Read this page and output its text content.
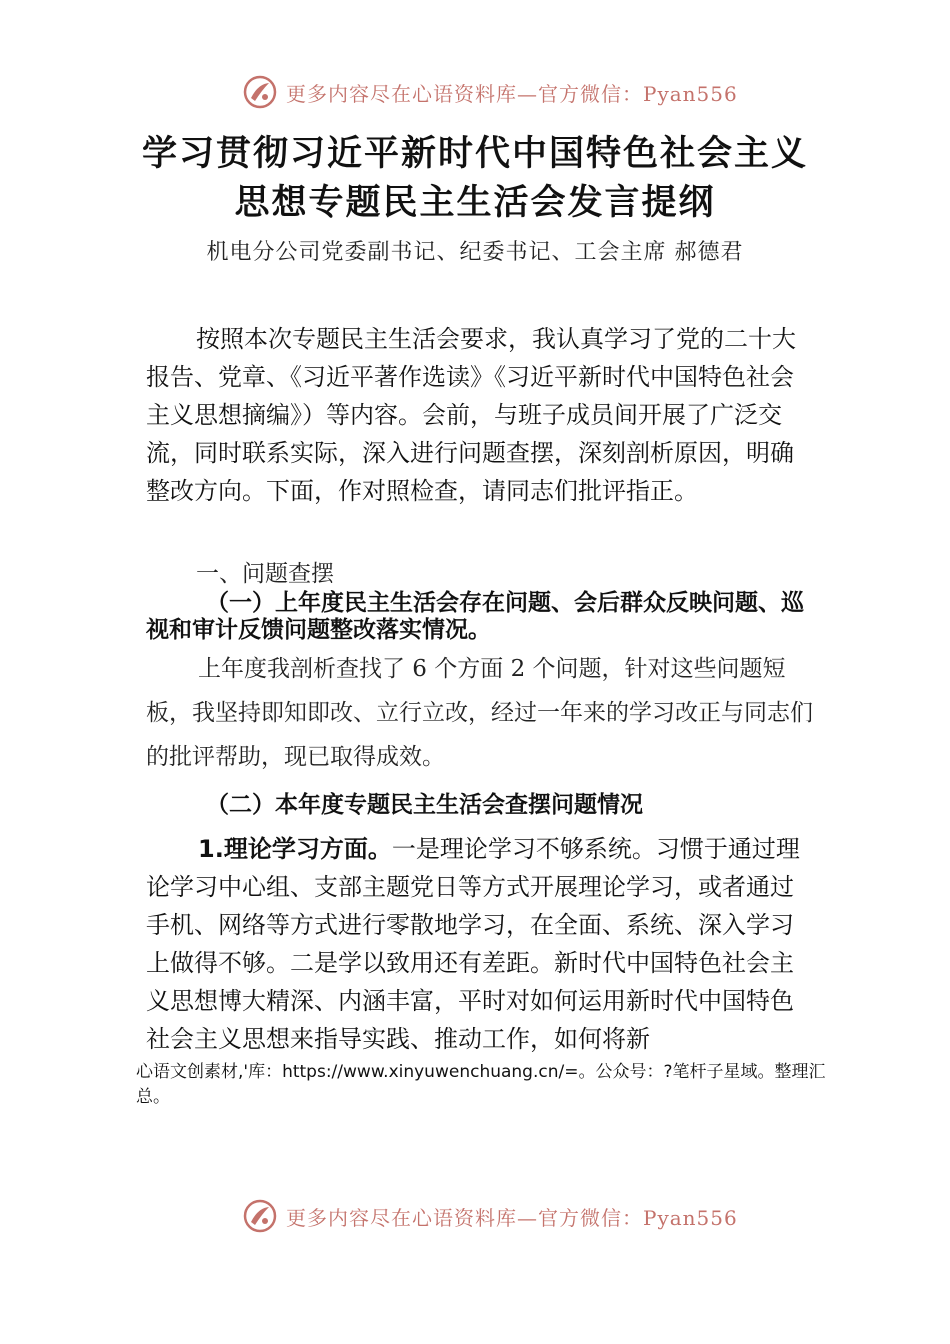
更多内容尽在心语资料库—官方微信：Pyan556
学习贯彻习近平新时代中国特色社会主义
思想专题民主生活会发言提纲
机电分公司党委副书记、纪委书记、工会主席 郝德君

按照本次专题民主生活会要求，我认真学习了党的二十大报告、党章、《习近平著作选读》《习近平新时代中国特色社会主义思想摘编》）等内容。会前，与班子成员间开展了广泛交流，同时联系实际，深入进行问题查摆，深刻剖析原因，明确整改方向。下面，作对照检查，请同志们批评指正。

一、问题查摆

（一）上年度民主生活会存在问题、会后群众反映问题、巡视和审计反馈问题整改落实情况。

上年度我剖析查找了 6 个方面 2 个问题，针对这些问题短板，我坚持即知即改、立行立改，经过一年来的学习改正与同志们的批评帮助，现已取得成效。

（二）本年度专题民主生活会查摆问题情况

1.理论学习方面。一是理论学习不够系统。习惯于通过理论学习中心组、支部主题党日等方式开展理论学习，或者通过手机、网络等方式进行零散地学习，在全面、系统、深入学习上做得不够。二是学以致用还有差距。新时代中国特色社会主义思想博大精深、内涵丰富，平时对如何运用新时代中国特色社会主义思想来指导实践、推动工作，如何将新

心语文创素材,'库：https://www.xinyuwenchuang.cn/=。公众号：?笔杆子星域。整理汇总。

更多内容尽在心语资料库—官方微信：Pyan556
